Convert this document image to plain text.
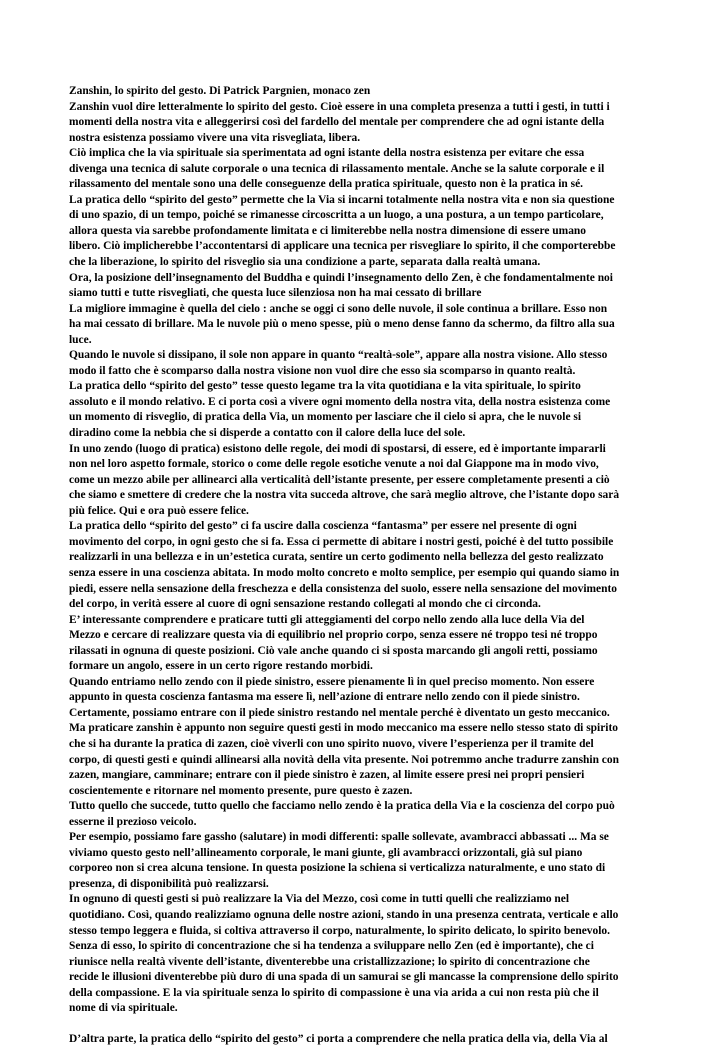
Zanshin, lo spirito del gesto. Di Patrick Pargnien, monaco zen
Zanshin vuol dire letteralmente lo spirito del gesto. Cioè essere in una completa presenza a tutti i gesti, in tutti i
momenti della nostra vita e alleggerirsi così del fardello del mentale per comprendere che ad ogni istante della
nostra esistenza possiamo vivere una vita risvegliata, libera.
Ciò implica che la via spirituale sia sperimentata ad ogni istante della nostra esistenza per evitare che essa
divenga una tecnica di salute corporale o una tecnica di rilassamento mentale. Anche se la salute corporale e il
rilassamento del mentale sono una delle conseguenze della pratica spirituale, questo non è la pratica in sé.
La pratica dello “spirito del gesto” permette che la Via si incarni totalmente nella nostra vita e non sia questione
di uno spazio, di un tempo, poiché se rimanesse circoscritta a un luogo, a una postura, a un tempo particolare,
allora questa via sarebbe profondamente limitata e ci limiterebbe nella nostra dimensione di essere umano
libero. Ciò implicherebbe l’accontentarsi di applicare una tecnica per risvegliare lo spirito, il che comporterebbe
che la liberazione, lo spirito del risveglio sia una condizione a parte, separata dalla realtà umana.
Ora, la posizione dell’insegnamento del Buddha e quindi l’insegnamento dello Zen, è che fondamentalmente noi
siamo tutti e tutte risvegliati, che questa luce silenziosa non ha mai cessato di brillare
La migliore immagine è quella del cielo : anche se oggi ci sono delle nuvole, il sole continua a brillare. Esso non
ha mai cessato di brillare. Ma le nuvole più o meno spesse, più o meno dense fanno da schermo, da filtro alla sua
luce.
Quando le nuvole si dissipano, il sole non appare in quanto “realtà-sole”, appare alla nostra visione. Allo stesso
modo il fatto che è scomparso dalla nostra visione non vuol dire che esso sia scomparso in quanto realtà.
La pratica dello “spirito del gesto” tesse questo legame tra la vita quotidiana e la vita spirituale, lo spirito
assoluto e il mondo relativo. E ci porta così a vivere ogni momento della nostra vita, della nostra esistenza come
un momento di risveglio, di pratica della Via, un momento per lasciare che il cielo si apra, che le nuvole si
diradino come la nebbia che si disperde a contatto con il calore della luce del sole.
In uno zendo (luogo di pratica) esistono delle regole, dei modi di spostarsi, di essere, ed è importante impararli
non nel loro aspetto formale, storico o come delle regole esotiche venute a noi dal Giappone ma in modo vivo,
come un mezzo abile per allinearci alla verticalità dell’istante presente, per essere completamente presenti a ciò
che siamo e smettere di credere che la nostra vita succeda altrove, che sarà meglio altrove, che l’istante dopo sarà
più felice. Qui e ora può essere felice.
La pratica dello “spirito del gesto” ci fa uscire dalla coscienza “fantasma” per essere nel presente di ogni
movimento del corpo, in ogni gesto che si fa. Essa ci permette di abitare i nostri gesti, poiché è del tutto possibile
realizzarli in una bellezza e in un’estetica curata, sentire un certo godimento nella bellezza del gesto realizzato
senza essere in una coscienza abitata. In modo molto concreto e molto semplice, per esempio qui quando siamo in
piedi, essere nella sensazione della freschezza e della consistenza del suolo, essere nella sensazione del movimento
del corpo, in verità essere al cuore di ogni sensazione restando collegati al mondo che ci circonda.
E’ interessante comprendere e praticare tutti gli atteggiamenti del corpo nello zendo alla luce della Via del
Mezzo e cercare di realizzare questa via di equilibrio nel proprio corpo, senza essere né troppo tesi né troppo
rilassati in ognuna di queste posizioni. Ciò vale anche quando ci si sposta marcando gli angoli retti, possiamo
formare un angolo, essere in un certo rigore restando morbidi.
Quando entriamo nello zendo con il piede sinistro, essere pienamente lì in quel preciso momento. Non essere
appunto in questa coscienza fantasma ma essere lì, nell’azione di entrare nello zendo con il piede sinistro.
Certamente, possiamo entrare con il piede sinistro restando nel mentale perché è diventato un gesto meccanico.
Ma praticare zanshin è appunto non seguire questi gesti in modo meccanico ma essere nello stesso stato di spirito
che si ha durante la pratica di zazen, cioè viverli con uno spirito nuovo, vivere l’esperienza per il tramite del
corpo, di questi gesti e quindi allinearsi alla novità della vita presente. Noi potremmo anche tradurre zanshin con
zazen, mangiare, camminare; entrare con il piede sinistro è zazen, al limite essere presi nei propri pensieri
coscientemente e ritornare nel momento presente, pure questo è zazen.
Tutto quello che succede, tutto quello che facciamo nello zendo è la pratica della Via e la coscienza del corpo può
esserne il prezioso veicolo.
Per esempio, possiamo fare gassho (salutare) in modi differenti: spalle sollevate, avambracci abbassati ... Ma se
viviamo questo gesto nell’allineamento corporale, le mani giunte, gli avambracci orizzontali, già sul piano
corporeo non si crea alcuna tensione. In questa posizione la schiena si verticalizza naturalmente, e uno stato di
presenza, di disponibilità può realizzarsi.
In ognuno di questi gesti si può realizzare la Via del Mezzo, così come in tutti quelli che realizziamo nel
quotidiano. Così, quando realizziamo ognuna delle nostre azioni, stando in una presenza centrata, verticale e allo
stesso tempo leggera e fluida, si coltiva attraverso il corpo, naturalmente, lo spirito delicato, lo spirito benevolo.
Senza di esso, lo spirito di concentrazione che si ha tendenza a sviluppare nello Zen (ed è importante), che ci
riunisce nella realtà vivente dell’istante, diventerebbe una cristallizzazione; lo spirito di concentrazione che
recide le illusioni diventerebbe più duro di una spada di un samurai se gli mancasse la comprensione dello spirito
della compassione. E la via spirituale senza lo spirito di compassione è una via arida a cui non resta più che il
nome di via spirituale.
D’altra parte, la pratica dello “spirito del gesto” ci porta a comprendere che nella pratica della via, della Via al
